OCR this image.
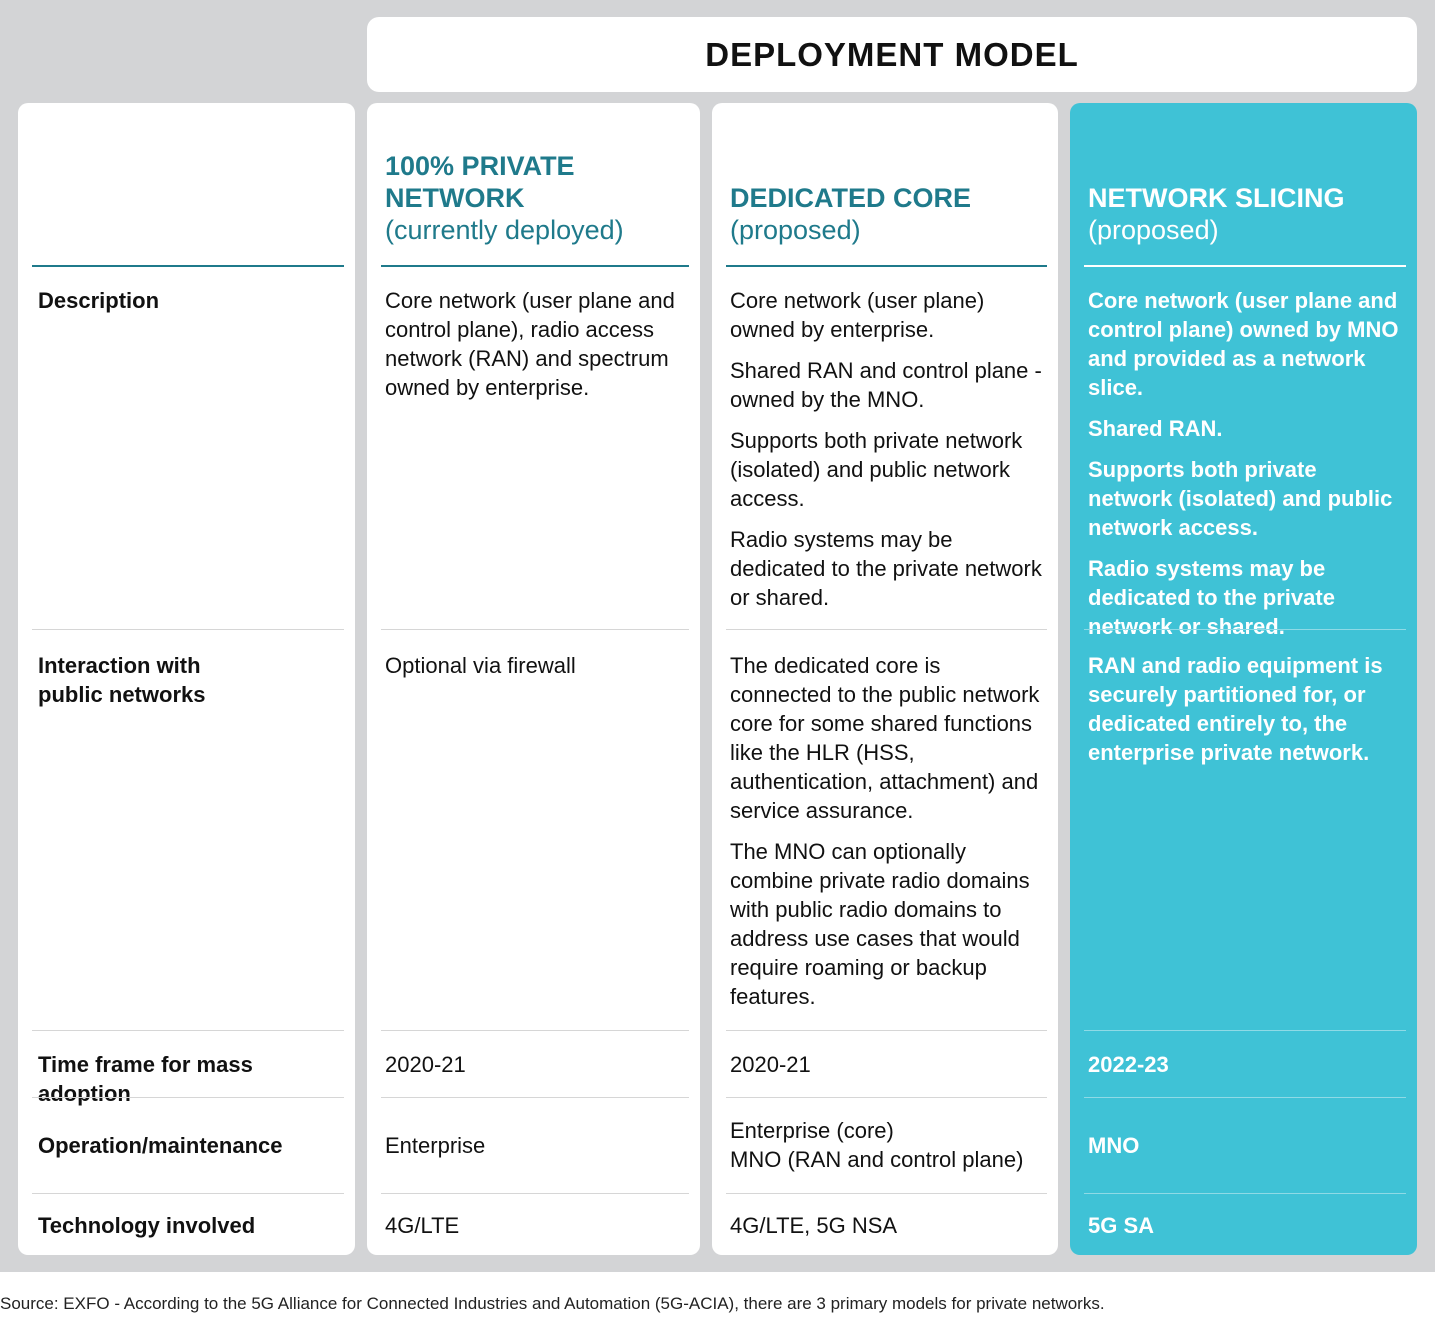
DEPLOYMENT MODEL
Description
Interaction with
public networks
Time frame for mass adoption
Operation/maintenance
Technology involved
100% PRIVATE
NETWORK
(currently deployed)

Core network (user plane and control plane), radio access network (RAN) and spectrum owned by enterprise.

Optional via firewall

2020-21
Enterprise
4G/LTE
DEDICATED CORE
(proposed)

Core network (user plane) owned by enterprise.

Shared RAN and control plane - owned by the MNO.

Supports both private network (isolated) and public network access.

Radio systems may be dedicated to the private network or shared.

The dedicated core is connected to the public network core for some shared functions like the HLR (HSS, authentication, attachment) and service assurance.

The MNO can optionally combine private radio domains with public radio domains to address use cases that would require roaming or backup features.

2020-21
Enterprise (core)
MNO (RAN and control plane)
4G/LTE, 5G NSA
NETWORK SLICING
(proposed)

Core network (user plane and control plane) owned by MNO and provided as a network slice.

Shared RAN.

Supports both private network (isolated) and public network access.

Radio systems may be dedicated to the private network or shared.

RAN and radio equipment is securely partitioned for, or dedicated entirely to, the enterprise private network.

2022-23
MNO
5G SA
Source: EXFO - According to the 5G Alliance for Connected Industries and Automation (5G-ACIA), there are 3 primary models for private networks.
